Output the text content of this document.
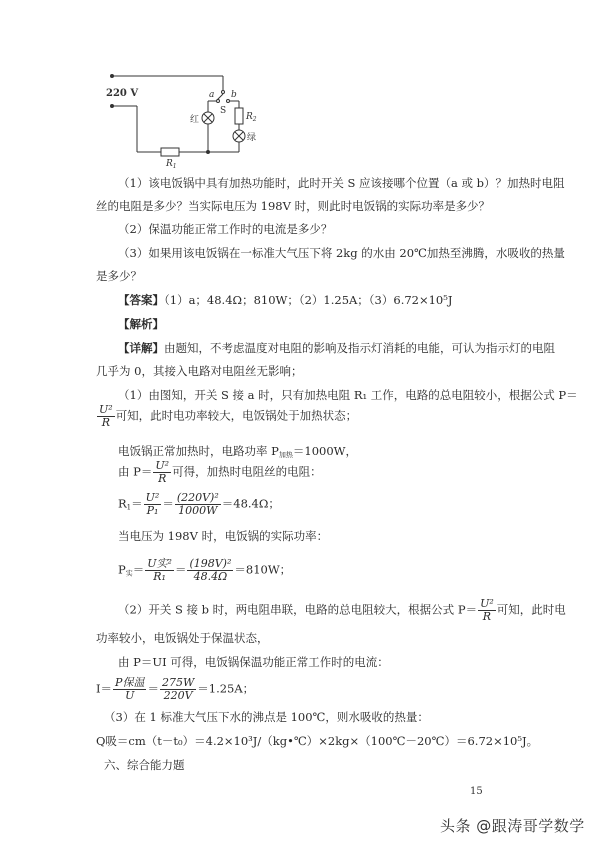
220 V	a b
S
红
绿
$R_2$
$R_1$
（1）该电饭锅中具有加热功能时，此时开关 S 应该接哪个位置（a 或 b）？加热时电阻
丝的电阻是多少？当实际电压为 198V 时，则此时电饭锅的实际功率是多少？
（2）保温功能正常工作时的电流是多少？
（3）如果用该电饭锅在一标准大气压下将 2kg 的水由 20℃加热至沸腾，水吸收的热量
是多少？
【答案】（1）a；48.4Ω；810W；（2）1.25A；（3）6.72×10⁵J
【解析】
【详解】由题知，不考虑温度对电阻的影响及指示灯消耗的电能，可认为指示灯的电阻
几乎为 0，其接入电路对电阻丝无影响；
（1）由图知，开关 S 接 a 时，只有加热电阻 R₁ 工作，电路的总电阻较小，根据公式 P＝
$\frac{\text{U²}}{R}$ 可知，此时电功率较大，电饭锅处于加热状态；
电饭锅正常加热时，电路功率 $P_{加热}=1000W$，
由 $P= \frac{\text{U²}}{R}$ 可得，加热时电阻丝的电阻：
$R_1= \frac{\text{U²}}{\text{P₁}} = \frac{\text{(220V)²}}{1000W} =48.4\Omega$；
当电压为 198V 时，电饭锅的实际功率：
$P_实= \frac{\text{U实²}}{\text{R₁}} = \frac{\text{(198V)²}}{48.4\Omega} =810W$；
（2）开关 S 接 b 时，两电阻串联，电路的总电阻较大，根据公式 $P= \frac{\text{U²}}{R}$ 可知，此时电
功率较小，电饭锅处于保温状态，
由 P＝UI 可得，电饭锅保温功能正常工作时的电流：
$I= \frac{\text{P保温}}{U} = \frac{275W}{220V} =1.25A$；
（3）在 1 标准大气压下水的沸点是 100℃，则水吸收的热量：
Q吸＝cm（t－t₀）＝4.2×10³J/（kg•℃）×2kg×（100℃－20℃）＝6.72×10⁵J。
六、综合能力题
15
头条 @跟涛哥学数学
